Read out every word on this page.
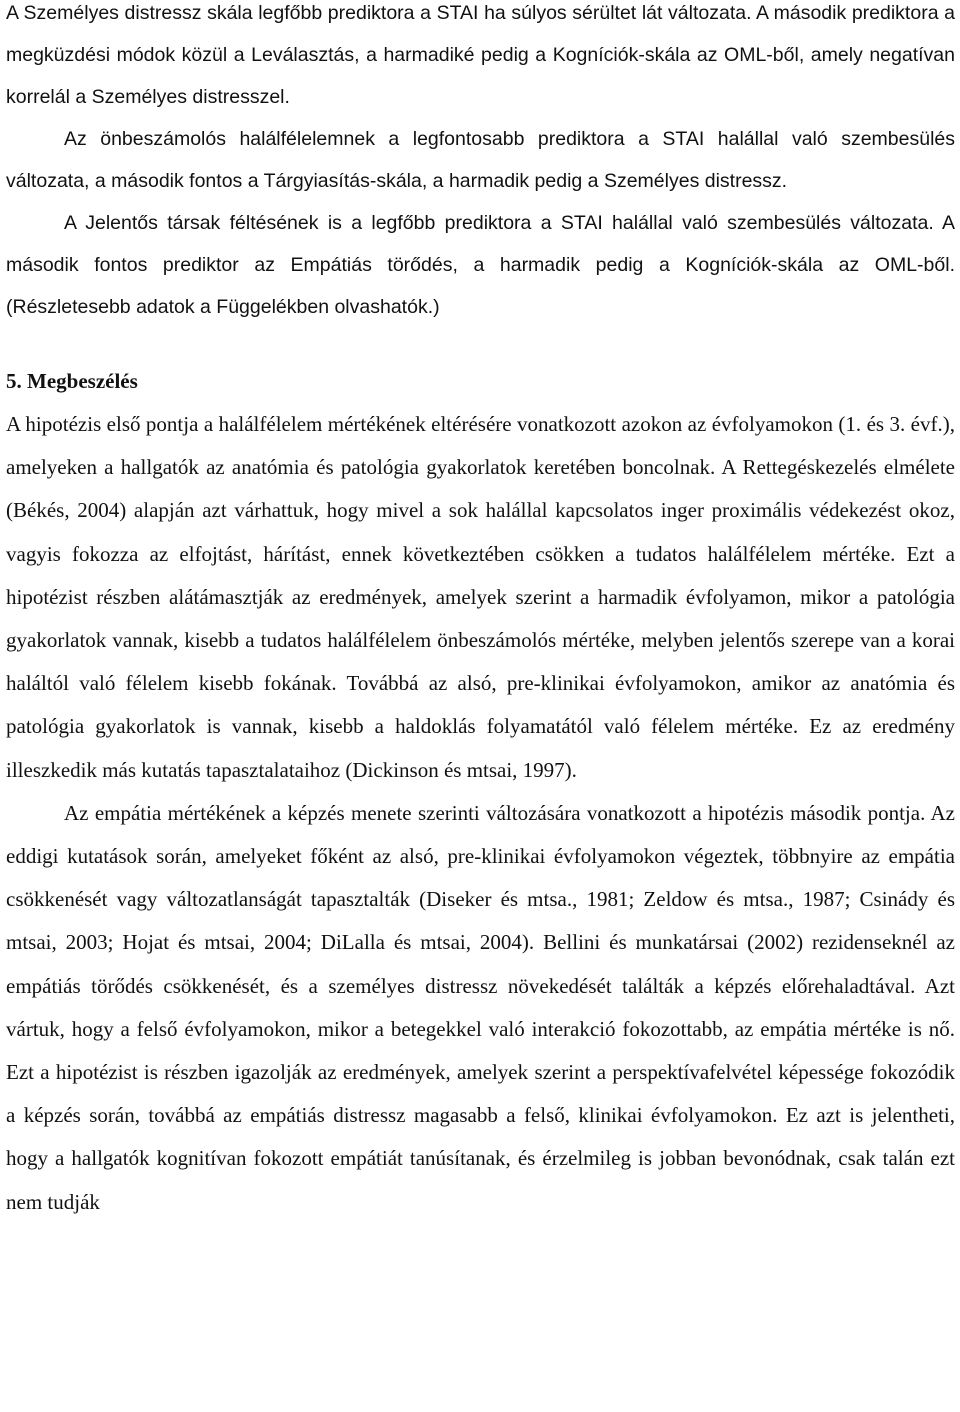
A Személyes distressz skála legfőbb prediktora a STAI ha súlyos sérültet lát változata. A második prediktora a megküzdési módok közül a Leválasztás, a harmadiké pedig a Kogníciók-skála az OML-ből, amely negatívan korrelál a Személyes distresszel.

Az önbeszámolós halálfélelemnek a legfontosabb prediktora a STAI halállal való szembesülés változata, a második fontos a Tárgyiasítás-skála, a harmadik pedig a Személyes distressz.

A Jelentős társak féltésének is a legfőbb prediktora a STAI halállal való szembesülés változata. A második fontos prediktor az Empátiás törődés, a harmadik pedig a Kogníciók-skála az OML-ből. (Részletesebb adatok a Függelékben olvashatók.)

5. Megbeszélés

A hipotézis első pontja a halálfélelem mértékének eltérésére vonatkozott azokon az évfolyamokon (1. és 3. évf.), amelyeken a hallgatók az anatómia és patológia gyakorlatok keretében boncolnak. A Rettegéskezelés elmélete (Békés, 2004) alapján azt várhattuk, hogy mivel a sok halállal kapcsolatos inger proximális védekezést okoz, vagyis fokozza az elfojtást, hárítást, ennek következtében csökken a tudatos halálfélelem mértéke. Ezt a hipotézist részben alátámasztják az eredmények, amelyek szerint a harmadik évfolyamon, mikor a patológia gyakorlatok vannak, kisebb a tudatos halálfélelem önbeszámolós mértéke, melyben jelentős szerepe van a korai haláltól való félelem kisebb fokának. Továbbá az alsó, pre-klinikai évfolyamokon, amikor az anatómia és patológia gyakorlatok is vannak, kisebb a haldoklás folyamatától való félelem mértéke. Ez az eredmény illeszkedik más kutatás tapasztalataihoz (Dickinson és mtsai, 1997).

Az empátia mértékének a képzés menete szerinti változására vonatkozott a hipotézis második pontja. Az eddigi kutatások során, amelyeket főként az alsó, pre-klinikai évfolyamokon végeztek, többnyire az empátia csökkenését vagy változatlanságát tapasztalták (Diseker és mtsa., 1981; Zeldow és mtsa., 1987; Csinády és mtsai, 2003; Hojat és mtsai, 2004; DiLalla és mtsai, 2004). Bellini és munkatársai (2002) rezidenseknél az empátiás törődés csökkenését, és a személyes distressz növekedését találták a képzés előrehaladtával. Azt vártuk, hogy a felső évfolyamokon, mikor a betegekkel való interakció fokozottabb, az empátia mértéke is nő. Ezt a hipotézist is részben igazolják az eredmények, amelyek szerint a perspektívafelvétel képessége fokozódik a képzés során, továbbá az empátiás distressz magasabb a felső, klinikai évfolyamokon. Ez azt is jelentheti, hogy a hallgatók kognitívan fokozott empátiát tanúsítanak, és érzelmileg is jobban bevonódnak, csak talán ezt nem tudják
